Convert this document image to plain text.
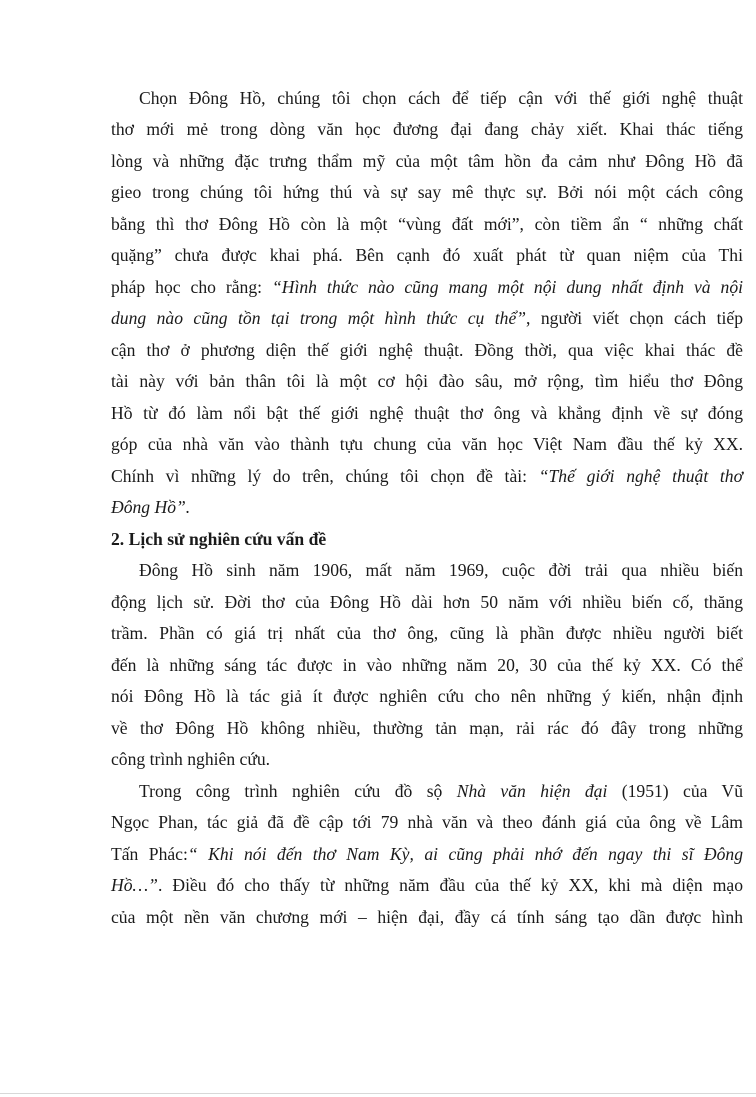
Chọn Đông Hồ, chúng tôi chọn cách để tiếp cận với thế giới nghệ thuật
thơ mới mẻ trong dòng văn học đương đại đang chảy xiết. Khai thác tiếng
lòng và những đặc trưng thẩm mỹ của một tâm hồn đa cảm như Đông Hồ đã
gieo trong chúng tôi hứng thú và sự say mê thực sự. Bởi nói một cách công
bằng thì thơ Đông Hồ còn là một “vùng đất mới”, còn tiềm ẩn “ những chất
quặng” chưa được khai phá. Bên cạnh đó xuất phát từ quan niệm của Thi
pháp học cho rằng: “Hình thức nào cũng mang một nội dung nhất định và nội
dung nào cũng tồn tại trong một hình thức cụ thể”, người viết chọn cách tiếp
cận thơ ở phương diện thế giới nghệ thuật. Đồng thời, qua việc khai thác đề
tài này với bản thân tôi là một cơ hội đào sâu, mở rộng, tìm hiểu thơ Đông
Hồ từ đó làm nổi bật thế giới nghệ thuật thơ ông và khẳng định về sự đóng
góp của nhà văn vào thành tựu chung của văn học Việt Nam đầu thế kỷ XX.
Chính vì những lý do trên, chúng tôi chọn đề tài: “Thế giới nghệ thuật thơ
Đông Hồ”.
2. Lịch sử nghiên cứu vấn đề
Đông Hồ sinh năm 1906, mất năm 1969, cuộc đời trải qua nhiều biến
động lịch sử. Đời thơ của Đông Hồ dài hơn 50 năm với nhiều biến cố, thăng
trầm. Phần có giá trị nhất của thơ ông, cũng là phần được nhiều người biết
đến là những sáng tác được in vào những năm 20, 30 của thế kỷ XX. Có thể
nói Đông Hồ là tác giả ít được nghiên cứu cho nên những ý kiến, nhận định
về thơ Đông Hồ không nhiều, thường tản mạn, rải rác đó đây trong những
công trình nghiên cứu.
Trong công trình nghiên cứu đồ sộ Nhà văn hiện đại (1951) của Vũ
Ngọc Phan, tác giả đã đề cập tới 79 nhà văn và theo đánh giá của ông về Lâm
Tấn Phác:“ Khi nói đến thơ Nam Kỳ, ai cũng phải nhớ đến ngay thi sĩ Đông
Hồ…”. Điều đó cho thấy từ những năm đầu của thế kỷ XX, khi mà diện mạo
của một nền văn chương mới – hiện đại, đầy cá tính sáng tạo dần được hình
